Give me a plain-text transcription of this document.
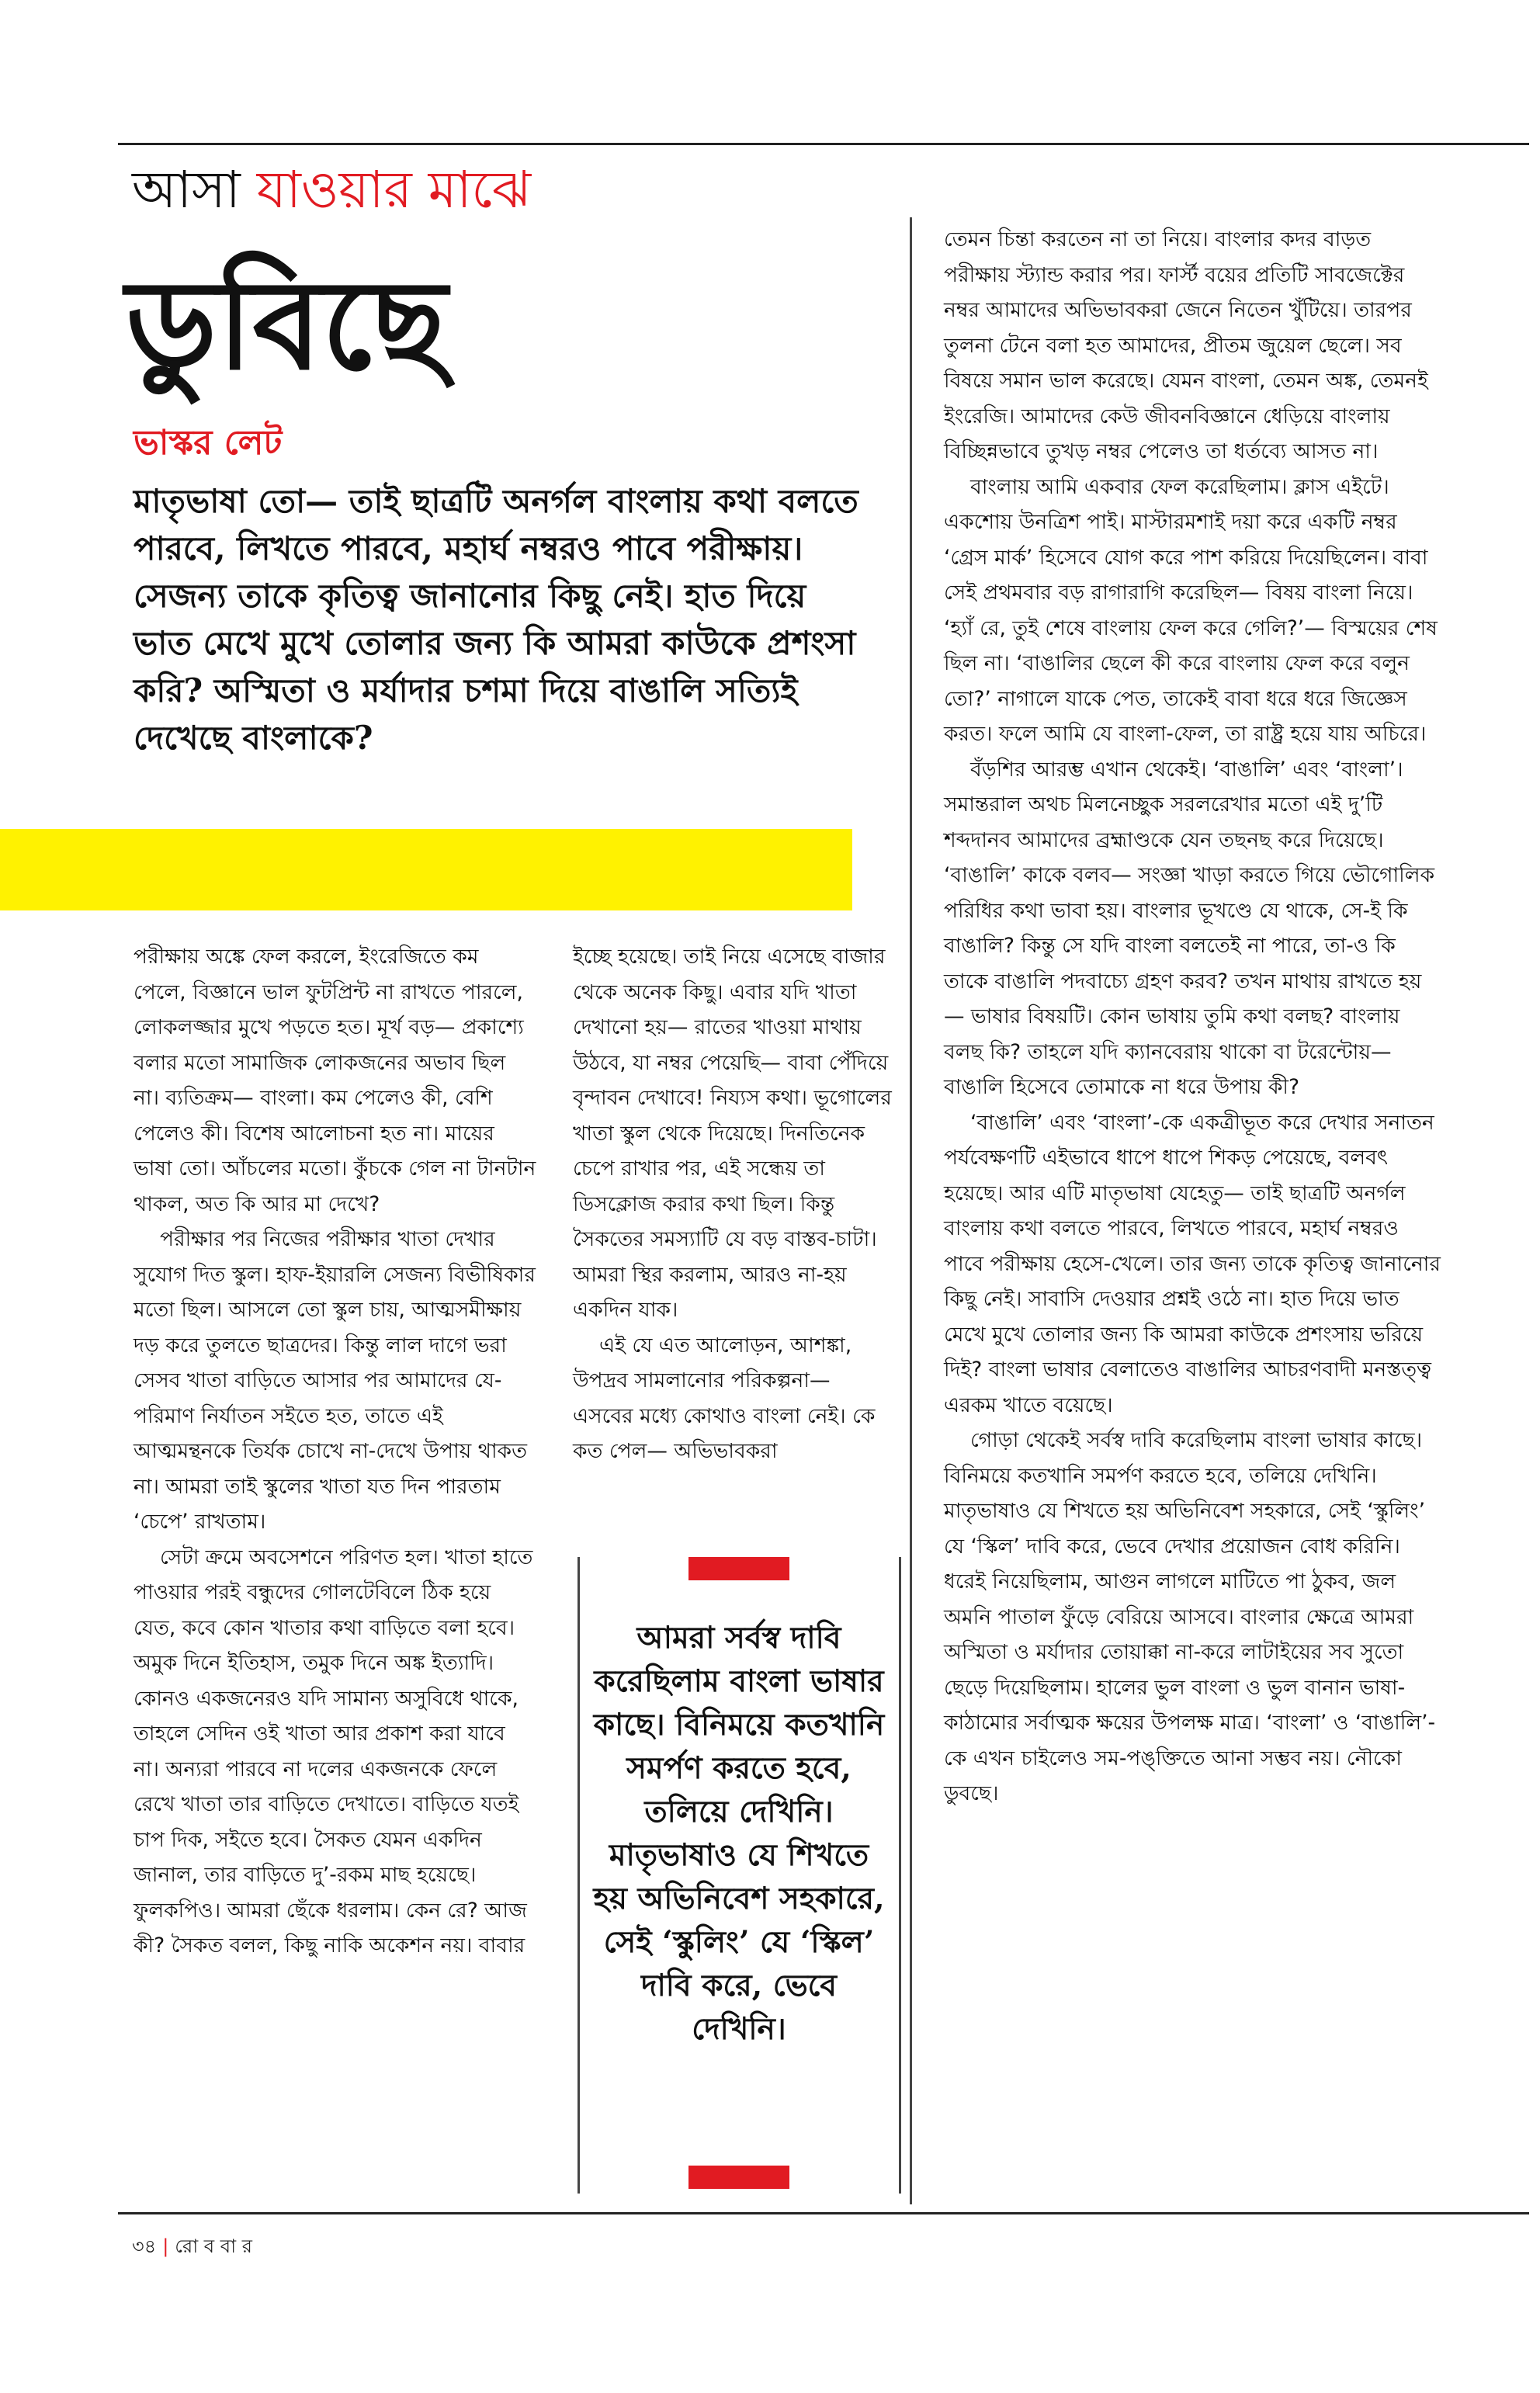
আসা যাওয়ার মাঝে
ডুবিছে
ভাস্কর লেট
মাতৃভাষা তো— তাই ছাত্রটি অনর্গল বাংলায় কথা বলতে পারবে, লিখতে পারবে, মহার্ঘ নম্বরও পাবে পরীক্ষায়। সেজন্য তাকে কৃতিত্ব জানানোর কিছু নেই। হাত দিয়ে ভাত মেখে মুখে তোলার জন্য কি আমরা কাউকে প্রশংসা করি? অস্মিতা ও মর্যাদার চশমা দিয়ে বাঙালি সত্যিই দেখেছে বাংলাকে?

পরীক্ষায় অঙ্কে ফেল করলে, ইংরেজিতে কম পেলে, বিজ্ঞানে ভাল ফুটপ্রিন্ট না রাখতে পারলে, লোকলজ্জার মুখে পড়তে হত। মূর্খ বড়— প্রকাশ্যে বলার মতো সামাজিক লোকজনের অভাব ছিল না। ব্যতিক্রম— বাংলা। কম পেলেও কী, বেশি পেলেও কী। বিশেষ আলোচনা হত না। মায়ের ভাষা তো। আঁচলের মতো। কুঁচকে গেল না টানটান থাকল, অত কি আর মা দেখে?

পরীক্ষার পর নিজের পরীক্ষার খাতা দেখার সুযোগ দিত স্কুল। হাফ-ইয়ারলি সেজন্য বিভীষিকার মতো ছিল। আসলে তো স্কুল চায়, আত্মসমীক্ষায় দড় করে তুলতে ছাত্রদের। কিন্তু লাল দাগে ভরা সেসব খাতা বাড়িতে আসার পর আমাদের যে-পরিমাণ নির্যাতন সইতে হত, তাতে এই আত্মমন্থনকে তির্যক চোখে না-দেখে উপায় থাকত না। আমরা তাই স্কুলের খাতা যত দিন পারতাম ‘চেপে’ রাখতাম।

সেটা ক্রমে অবসেশনে পরিণত হল। খাতা হাতে পাওয়ার পরই বন্ধুদের গোলটেবিলে ঠিক হয়ে যেত, কবে কোন খাতার কথা বাড়িতে বলা হবে। অমুক দিনে ইতিহাস, তমুক দিনে অঙ্ক ইত্যাদি। কোনও একজনেরও যদি সামান্য অসুবিধে থাকে, তাহলে সেদিন ওই খাতা আর প্রকাশ করা যাবে না। অন্যরা পারবে না দলের একজনকে ফেলে রেখে খাতা তার বাড়িতে দেখাতে। বাড়িতে যতই চাপ দিক, সইতে হবে। সৈকত যেমন একদিন জানাল, তার বাড়িতে দু’-রকম মাছ হয়েছে। ফুলকপিও। আমরা ছেঁকে ধরলাম। কেন রে? আজ কী? সৈকত বলল, কিছু নাকি অকেশন নয়। বাবার

ইচ্ছে হয়েছে। তাই নিয়ে এসেছে বাজার থেকে অনেক কিছু। এবার যদি খাতা দেখানো হয়— রাতের খাওয়া মাথায় উঠবে, যা নম্বর পেয়েছি— বাবা পেঁদিয়ে বৃন্দাবন দেখাবে! নিয্যস কথা। ভূগোলের খাতা স্কুল থেকে দিয়েছে। দিনতিনেক চেপে রাখার পর, এই সন্ধেয় তা ডিসক্লোজ করার কথা ছিল। কিন্তু সৈকতের সমস্যাটি যে বড় বাস্তব-চাটা। আমরা স্থির করলাম, আরও না-হয় একদিন যাক।

এই যে এত আলোড়ন, আশঙ্কা, উপদ্রব সামলানোর পরিকল্পনা— এসবের মধ্যে কোথাও বাংলা নেই। কে কত পেল— অভিভাবকরা

আমরা সর্বস্ব দাবি করেছিলাম বাংলা ভাষার কাছে। বিনিময়ে কতখানি সমর্পণ করতে হবে, তলিয়ে দেখিনি। মাতৃভাষাও যে শিখতে হয় অভিনিবেশ সহকারে, সেই ‘স্কুলিং’ যে ‘স্কিল’ দাবি করে, ভেবে দেখিনি।

তেমন চিন্তা করতেন না তা নিয়ে। বাংলার কদর বাড়ত পরীক্ষায় স্ট্যান্ড করার পর। ফার্স্ট বয়ের প্রতিটি সাবজেক্টের নম্বর আমাদের অভিভাবকরা জেনে নিতেন খুঁটিয়ে। তারপর তুলনা টেনে বলা হত আমাদের, প্রীতম জুয়েল ছেলে। সব বিষয়ে সমান ভাল করেছে। যেমন বাংলা, তেমন অঙ্ক, তেমনই ইংরেজি। আমাদের কেউ জীবনবিজ্ঞানে ধেড়িয়ে বাংলায় বিচ্ছিন্নভাবে তুখড় নম্বর পেলেও তা ধর্তব্যে আসত না।

বাংলায় আমি একবার ফেল করেছিলাম। ক্লাস এইটে। একশোয় উনত্রিশ পাই। মাস্টারমশাই দয়া করে একটি নম্বর ‘গ্রেস মার্ক’ হিসেবে যোগ করে পাশ করিয়ে দিয়েছিলেন। বাবা সেই প্রথমবার বড় রাগারাগি করেছিল— বিষয় বাংলা নিয়ে। ‘হ্যাঁ রে, তুই শেষে বাংলায় ফেল করে গেলি?’— বিস্ময়ের শেষ ছিল না। ‘বাঙালির ছেলে কী করে বাংলায় ফেল করে বলুন তো?’ নাগালে যাকে পেত, তাকেই বাবা ধরে ধরে জিজ্ঞেস করত। ফলে আমি যে বাংলা-ফেল, তা রাষ্ট্র হয়ে যায় অচিরে।

বঁড়শির আরম্ভ এখান থেকেই। ‘বাঙালি’ এবং ‘বাংলা’। সমান্তরাল অথচ মিলনেচ্ছুক সরলরেখার মতো এই দু’টি শব্দদানব আমাদের ব্রহ্মাণ্ডকে যেন তছনছ করে দিয়েছে। ‘বাঙালি’ কাকে বলব— সংজ্ঞা খাড়া করতে গিয়ে ভৌগোলিক পরিধির কথা ভাবা হয়। বাংলার ভূখণ্ডে যে থাকে, সে-ই কি বাঙালি? কিন্তু সে যদি বাংলা বলতেই না পারে, তা-ও কি তাকে বাঙালি পদবাচ্যে গ্রহণ করব? তখন মাথায় রাখতে হয়— ভাষার বিষয়টি। কোন ভাষায় তুমি কথা বলছ? বাংলায় বলছ কি? তাহলে যদি ক্যানবেরায় থাকো বা টরেন্টোয়— বাঙালি হিসেবে তোমাকে না ধরে উপায় কী?

‘বাঙালি’ এবং ‘বাংলা’-কে একত্রীভূত করে দেখার সনাতন পর্যবেক্ষণটি এইভাবে ধাপে ধাপে শিকড় পেয়েছে, বলবৎ হয়েছে। আর এটি মাতৃভাষা যেহেতু— তাই ছাত্রটি অনর্গল বাংলায় কথা বলতে পারবে, লিখতে পারবে, মহার্ঘ নম্বরও পাবে পরীক্ষায় হেসে-খেলে। তার জন্য তাকে কৃতিত্ব জানানোর কিছু নেই। সাবাসি দেওয়ার প্রশ্নই ওঠে না। হাত দিয়ে ভাত মেখে মুখে তোলার জন্য কি আমরা কাউকে প্রশংসায় ভরিয়ে দিই? বাংলা ভাষার বেলাতেও বাঙালির আচরণবাদী মনস্তত্ত্ব এরকম খাতে বয়েছে।

গোড়া থেকেই সর্বস্ব দাবি করেছিলাম বাংলা ভাষার কাছে। বিনিময়ে কতখানি সমর্পণ করতে হবে, তলিয়ে দেখিনি। মাতৃভাষাও যে শিখতে হয় অভিনিবেশ সহকারে, সেই ‘স্কুলিং’ যে ‘স্কিল’ দাবি করে, ভেবে দেখার প্রয়োজন বোধ করিনি। ধরেই নিয়েছিলাম, আগুন লাগলে মাটিতে পা ঠুকব, জল অমনি পাতাল ফুঁড়ে বেরিয়ে আসবে। বাংলার ক্ষেত্রে আমরা অস্মিতা ও মর্যাদার তোয়াক্কা না-করে লাটাইয়ের সব সুতো ছেড়ে দিয়েছিলাম। হালের ভুল বাংলা ও ভুল বানান ভাষা-কাঠামোর সর্বাত্মক ক্ষয়ের উপলক্ষ মাত্র। ‘বাংলা’ ও ‘বাঙালি’-কে এখন চাইলেও সম-পঙ্‌ক্তিতে আনা সম্ভব নয়। নৌকো ডুবছে।

৩৪ | রো ব বা র
